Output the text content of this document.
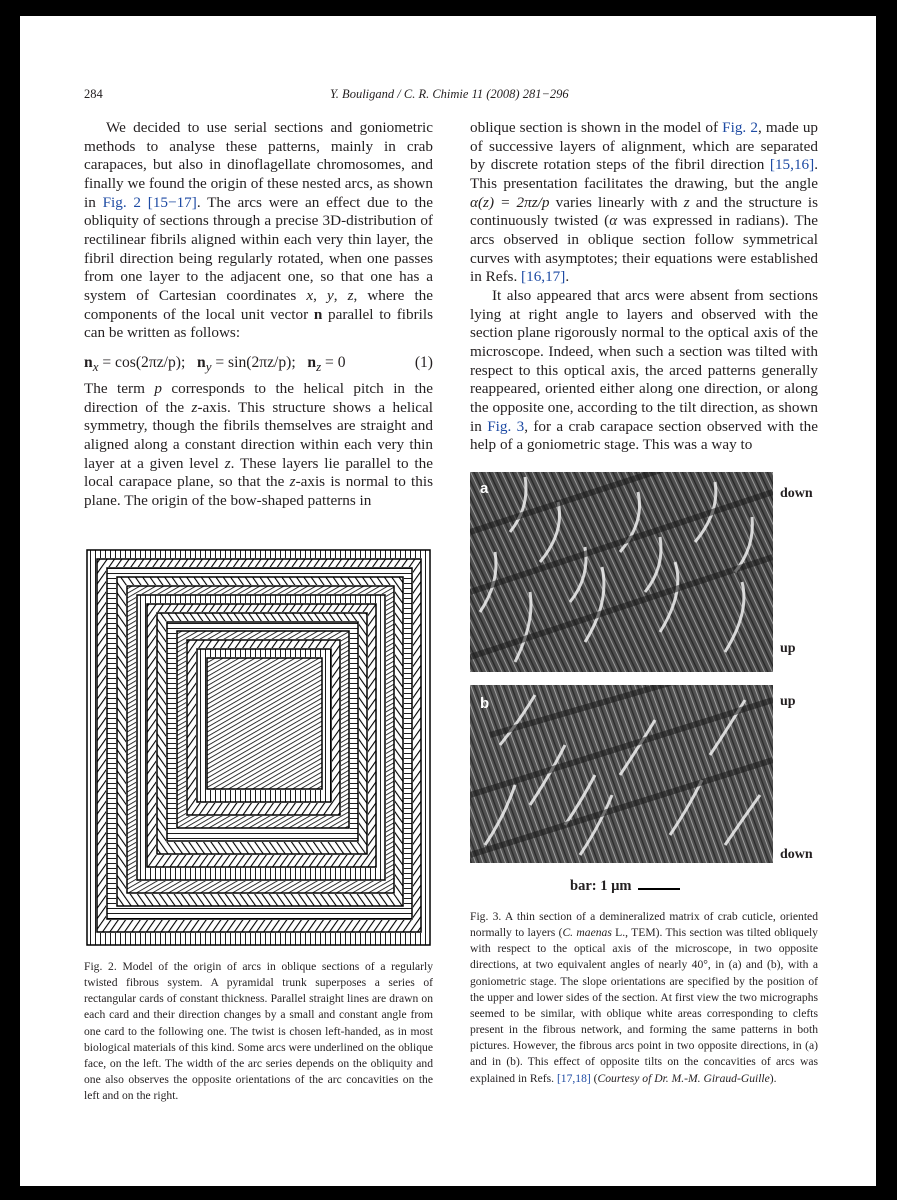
284	Y. Bouligand / C. R. Chimie 11 (2008) 281−296

We decided to use serial sections and goniometric methods to analyse these patterns, mainly in crab carapaces, but also in dinoflagellate chromosomes, and finally we found the origin of these nested arcs, as shown in Fig. 2 [15−17]. The arcs were an effect due to the obliquity of sections through a precise 3D-distribution of rectilinear fibrils aligned within each very thin layer, the fibril direction being regularly rotated, when one passes from one layer to the adjacent one, so that one has a system of Cartesian coordinates x, y, z, where the components of the local unit vector n parallel to fibrils can be written as follows:

$n_x = \cos(2\pi z/p)$; $n_y = \sin(2\pi z/p)$; $n_z = 0$	(1)

The term p corresponds to the helical pitch in the direction of the z-axis. This structure shows a helical symmetry, though the fibrils themselves are straight and aligned along a constant direction within each very thin layer at a given level z. These layers lie parallel to the local carapace plane, so that the z-axis is normal to this plane. The origin of the bow-shaped patterns in

oblique section is shown in the model of Fig. 2, made up of successive layers of alignment, which are separated by discrete rotation steps of the fibril direction [15,16]. This presentation facilitates the drawing, but the angle α(z) = 2πz/p varies linearly with z and the structure is continuously twisted (α was expressed in radians). The arcs observed in oblique section follow symmetrical curves with asymptotes; their equations were established in Refs. [16,17].

It also appeared that arcs were absent from sections lying at right angle to layers and observed with the section plane rigorously normal to the optical axis of the microscope. Indeed, when such a section was tilted with respect to this optical axis, the arced patterns generally reappeared, oriented either along one direction, or along the opposite one, according to the tilt direction, as shown in Fig. 3, for a crab carapace section observed with the help of a goniometric stage. This was a way to

Fig. 2. Model of the origin of arcs in oblique sections of a regularly twisted fibrous system. A pyramidal trunk superposes a series of rectangular cards of constant thickness. Parallel straight lines are drawn on each card and their direction changes by a small and constant angle from one card to the following one. The twist is chosen left-handed, as in most biological materials of this kind. Some arcs were underlined on the oblique face, on the left. The width of the arc series depends on the obliquity and one also observes the opposite orientations of the arc concavities on the left and on the right.
a	down
up
b	up
down
bar: 1 µm

Fig. 3. A thin section of a demineralized matrix of crab cuticle, oriented normally to layers (C. maenas L., TEM). This section was tilted obliquely with respect to the optical axis of the microscope, in two opposite directions, at two equivalent angles of nearly 40°, in (a) and (b), with a goniometric stage. The slope orientations are specified by the position of the upper and lower sides of the section. At first view the two micrographs seemed to be similar, with oblique white areas corresponding to clefts present in the fibrous network, and forming the same patterns in both pictures. However, the fibrous arcs point in two opposite directions, in (a) and in (b). This effect of opposite tilts on the concavities of arcs was explained in Refs. [17,18] (Courtesy of Dr. M.-M. Giraud-Guille).
